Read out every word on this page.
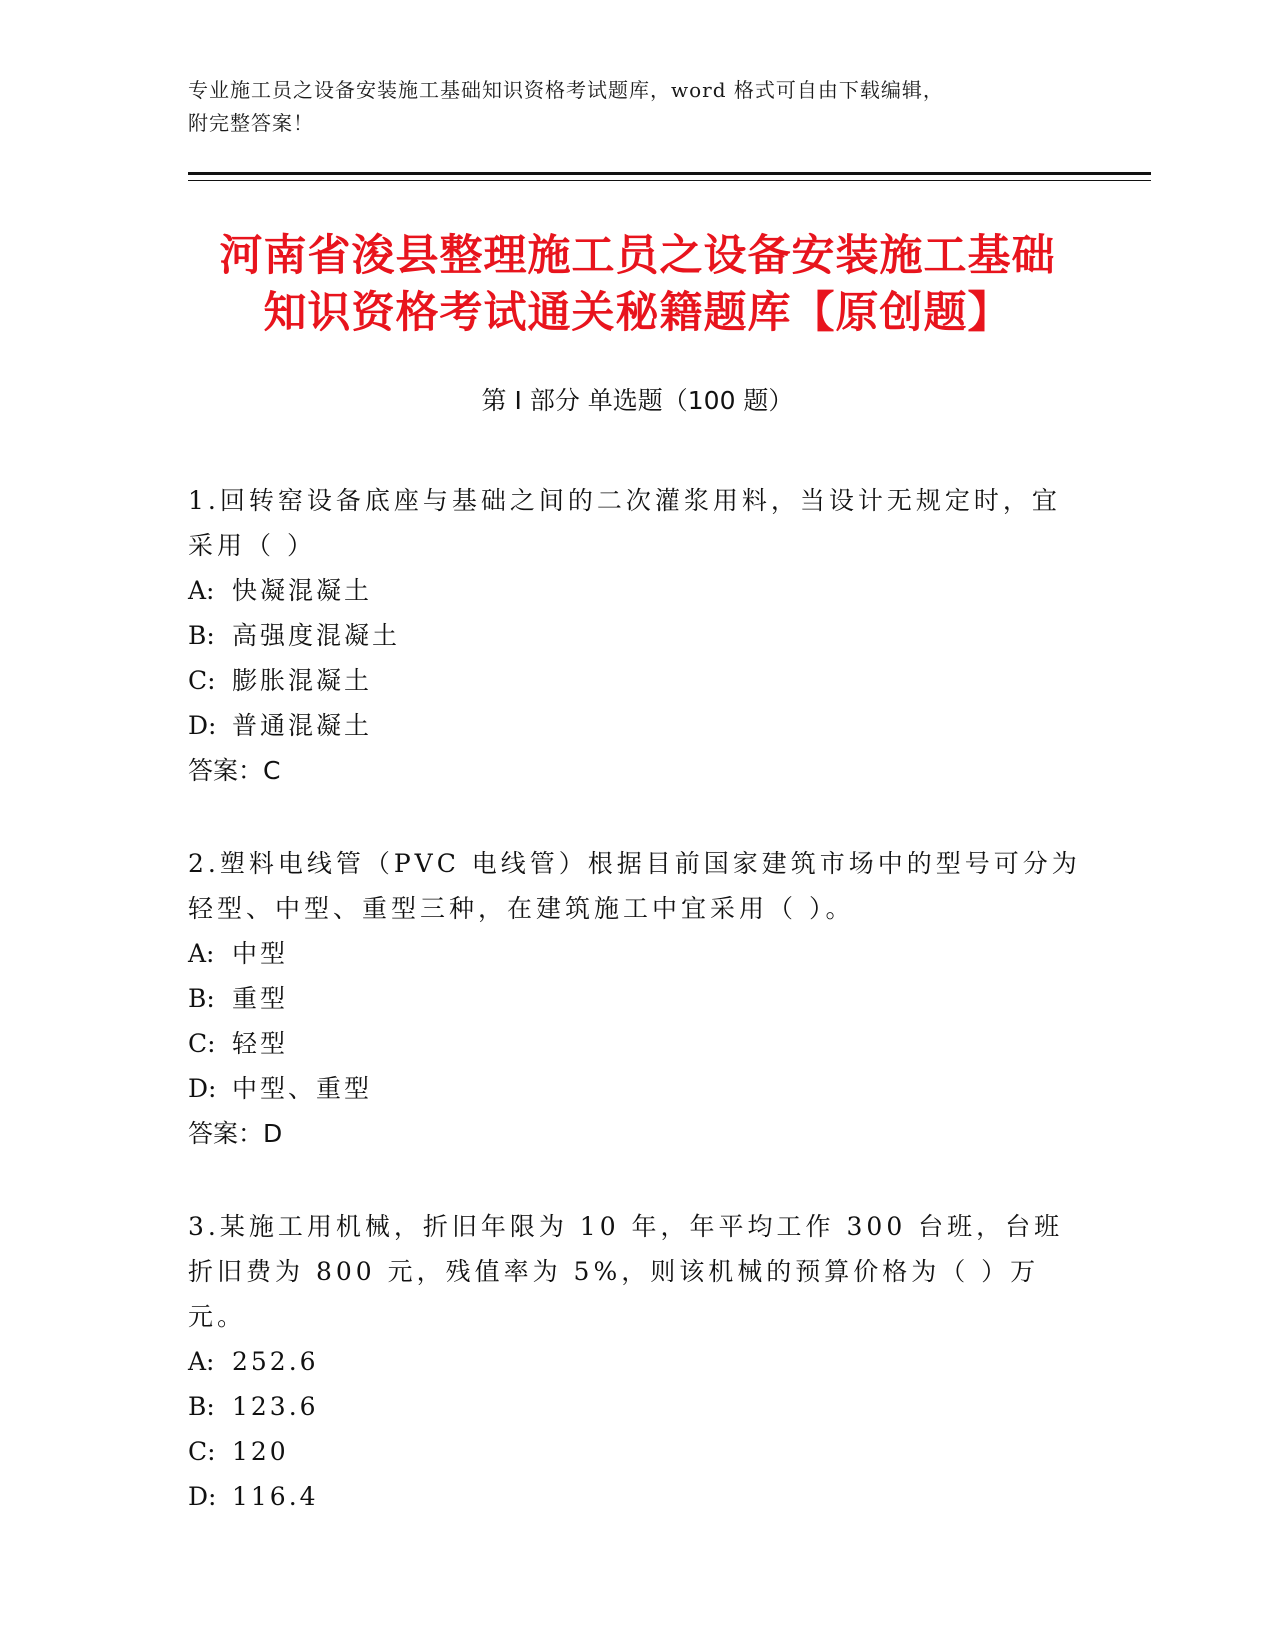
专业施工员之设备安装施工基础知识资格考试题库，word 格式可自由下载编辑，
附完整答案！
河南省浚县整理施工员之设备安装施工基础
知识资格考试通关秘籍题库【原创题】
第 I 部分 单选题（100 题）

1.回转窑设备底座与基础之间的二次灌浆用料，当设计无规定时，宜采用（ ）

A: 快凝混凝土

B: 高强度混凝土

C: 膨胀混凝土

D: 普通混凝土

答案：C

2.塑料电线管（PVC 电线管）根据目前国家建筑市场中的型号可分为轻型、中型、重型三种，在建筑施工中宜采用（ ）。

A: 中型

B: 重型

C: 轻型

D: 中型、重型

答案：D

3.某施工用机械，折旧年限为 10 年，年平均工作 300 台班，台班折旧费为 800 元，残值率为 5%，则该机械的预算价格为（ ）万元。

A: 252.6

B: 123.6

C: 120

D: 116.4
